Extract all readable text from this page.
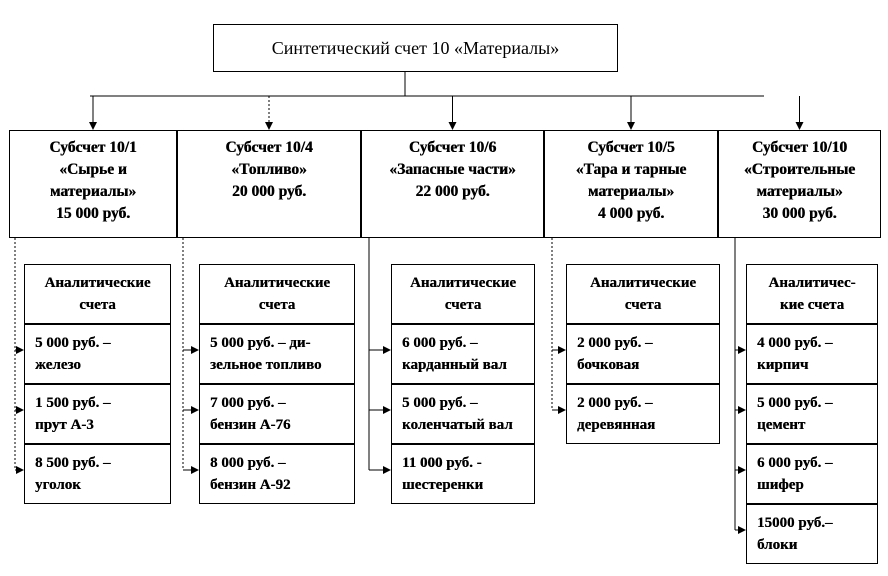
Синтетический счет 10 «Материалы»
Субсчет 10/1
«Сырье и
материалы»
15 000 руб.
Аналитические
счета
5 000 руб. –
железо
1 500 руб. –
прут А-3
8 500 руб. –
уголок
Субсчет 10/4
«Топливо»
20 000 руб.
Аналитические
счета
5 000 руб. – ди-
зельное топливо
7 000 руб. –
бензин А-76
8 000 руб. –
бензин А-92
Субсчет 10/6
«Запасные части»
22 000 руб.
Аналитические
счета
6 000 руб. –
карданный вал
5 000 руб. –
коленчатый вал
11 000 руб. -
шестеренки
Субсчет 10/5
«Тара и тарные
материалы»
4 000 руб.
Аналитические
счета
2 000 руб. –
бочковая
2 000 руб. –
деревянная
Субсчет 10/10
«Строительные
материалы»
30 000 руб.
Аналитичес-
кие счета
4 000 руб. –
кирпич
5 000 руб. –
цемент
6 000 руб. –
шифер
15000 руб.–
блоки
